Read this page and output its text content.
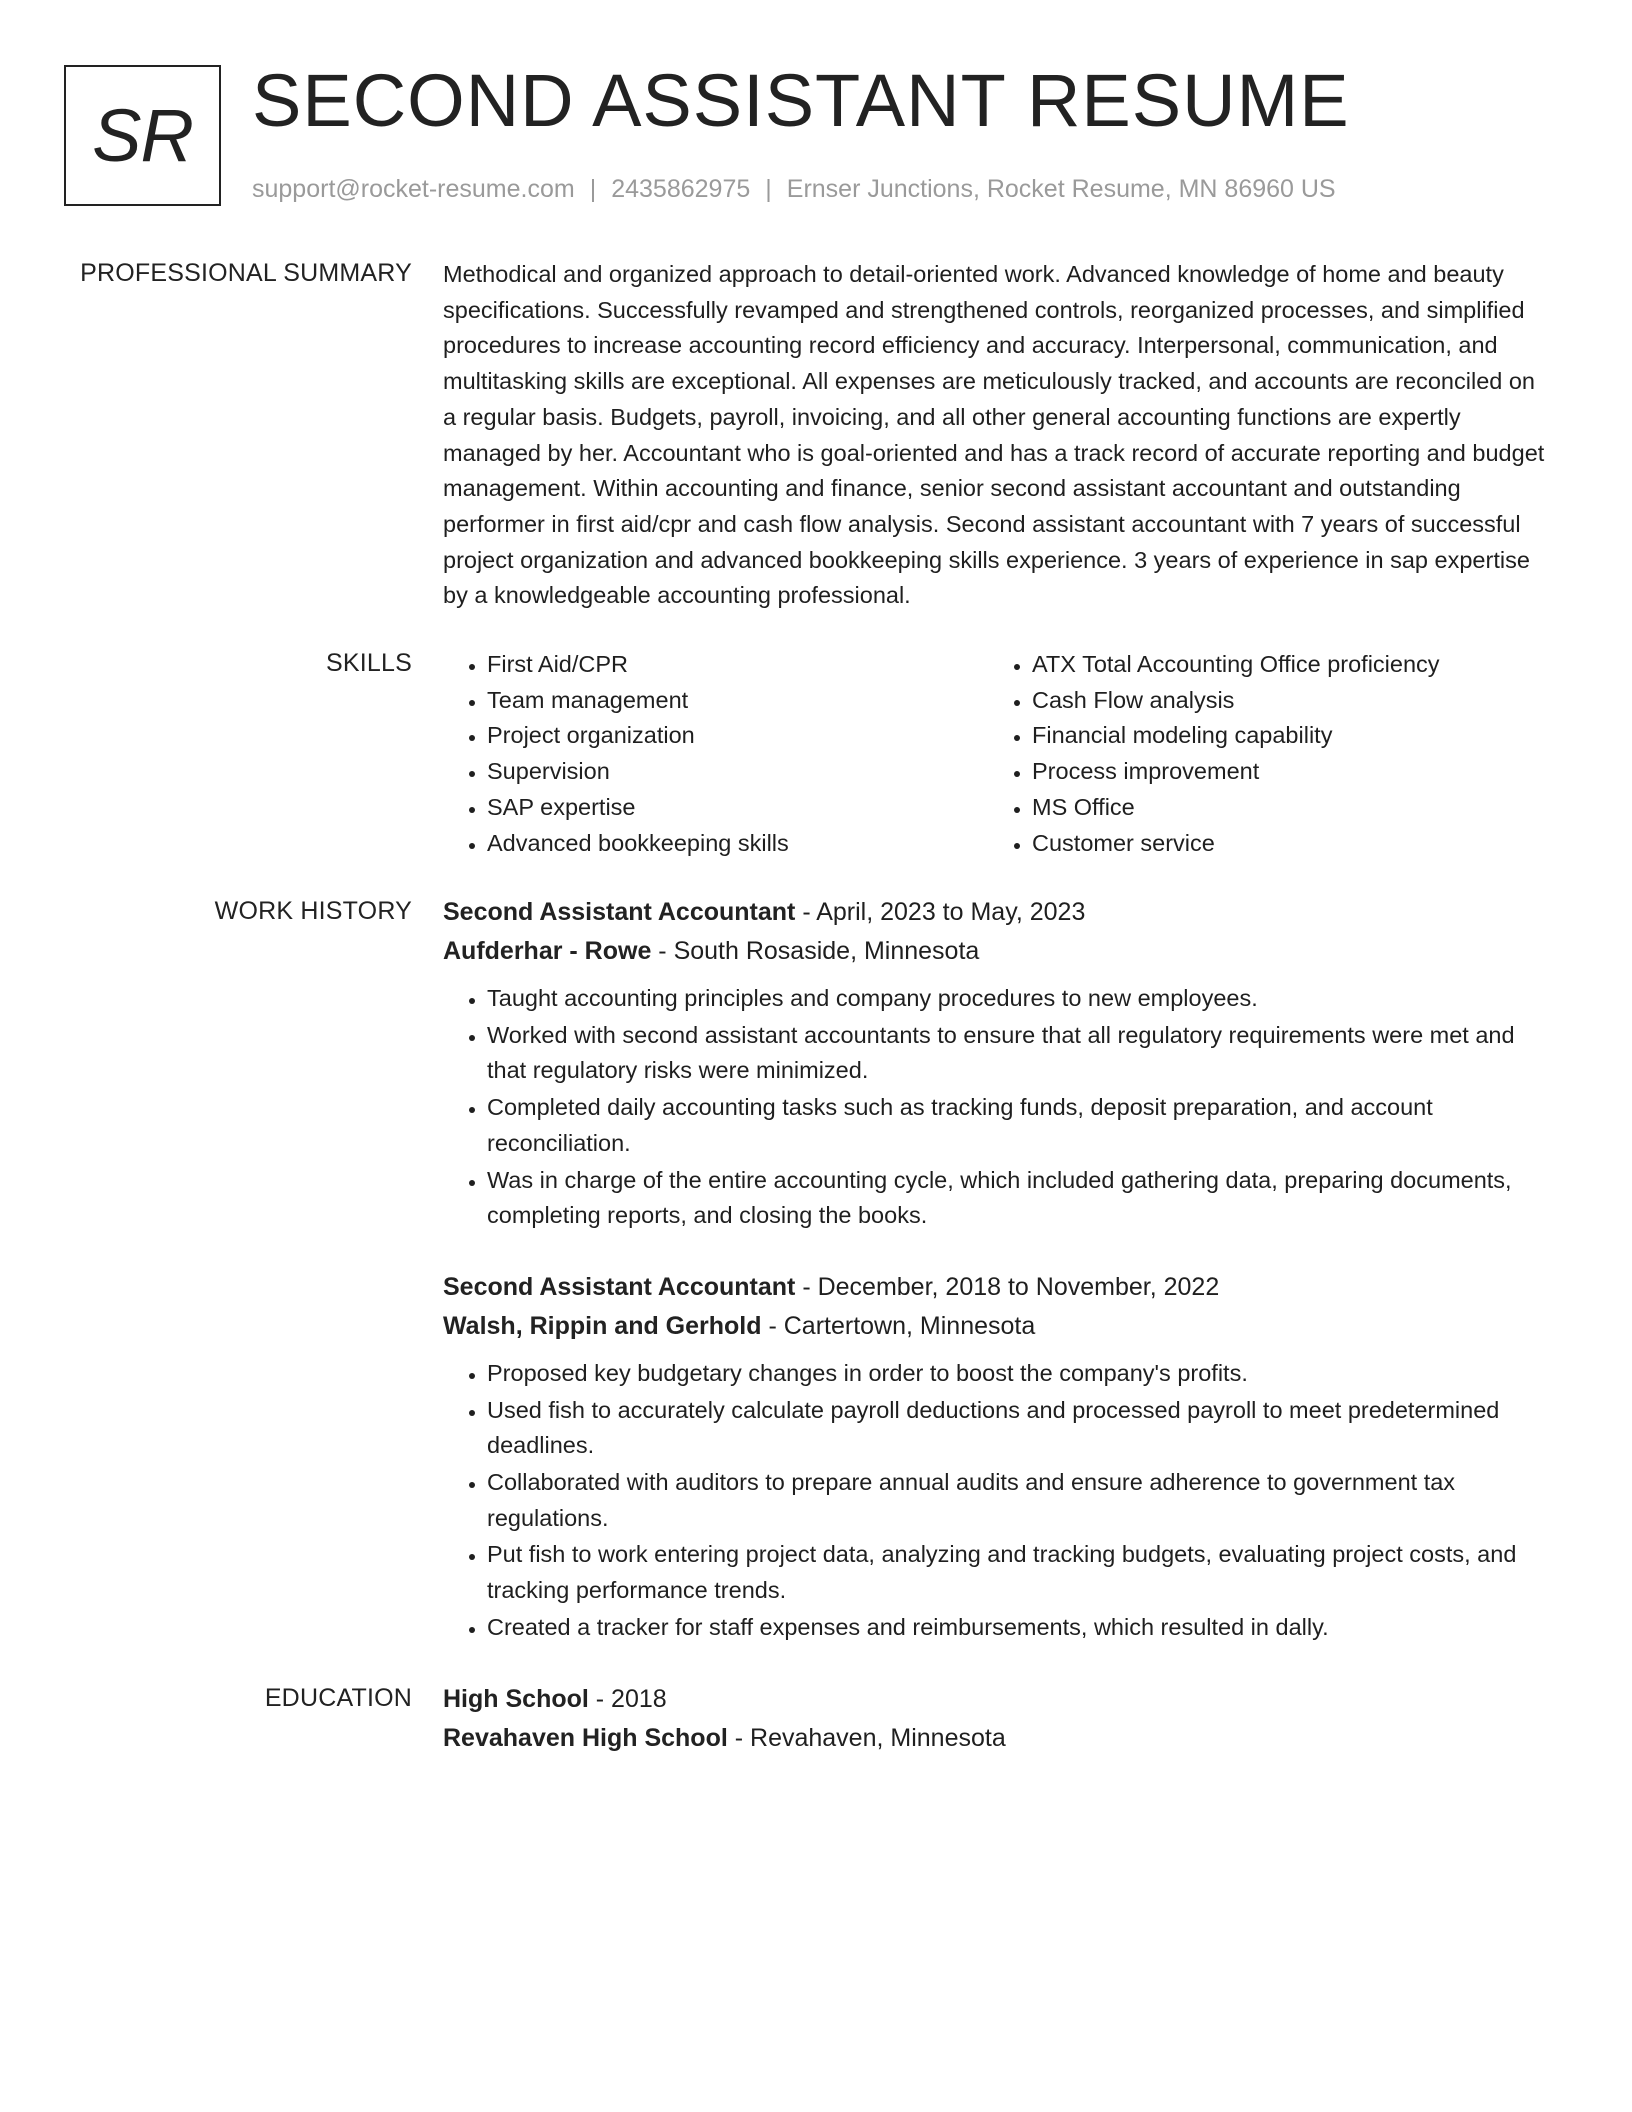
SR SECOND ASSISTANT RESUME
support@rocket-resume.com | 2435862975 | Ernser Junctions, Rocket Resume, MN 86960 US
PROFESSIONAL SUMMARY Methodical and organized approach to detail-oriented work. Advanced knowledge of home and beauty specifications. Successfully revamped and strengthened controls, reorganized processes, and simplified procedures to increase accounting record efficiency and accuracy. Interpersonal, communication, and multitasking skills are exceptional. All expenses are meticulously tracked, and accounts are reconciled on a regular basis. Budgets, payroll, invoicing, and all other general accounting functions are expertly managed by her. Accountant who is goal-oriented and has a track record of accurate reporting and budget management. Within accounting and finance, senior second assistant accountant and outstanding performer in first aid/cpr and cash flow analysis. Second assistant accountant with 7 years of successful project organization and advanced bookkeeping skills experience. 3 years of experience in sap expertise by a knowledgeable accounting professional.

SKILLS
•	First Aid/CPR
• Team management
• Project organization
• Supervision
• SAP expertise
• Advanced bookkeeping skills
• ATX Total Accounting Office proficiency
• Cash Flow analysis
• Financial modeling capability
• Process improvement
• MS Office
• Customer service
WORK HISTORY Second Assistant Accountant - April, 2023 to May, 2023
Aufderhar - Rowe - South Rosaside, Minnesota
• Taught accounting principles and company procedures to new employees.
• Worked with second assistant accountants to ensure that all regulatory requirements were met and that regulatory risks were minimized.
• Completed daily accounting tasks such as tracking funds, deposit preparation, and account reconciliation.
• Was in charge of the entire accounting cycle, which included gathering data, preparing documents, completing reports, and closing the books.
Second Assistant Accountant - December, 2018 to November, 2022
Walsh, Rippin and Gerhold - Cartertown, Minnesota
• Proposed key budgetary changes in order to boost the company's profits.
• Used fish to accurately calculate payroll deductions and processed payroll to meet predetermined deadlines.
• Collaborated with auditors to prepare annual audits and ensure adherence to government tax regulations.
• Put fish to work entering project data, analyzing and tracking budgets, evaluating project costs, and tracking performance trends.
• Created a tracker for staff expenses and reimbursements, which resulted in dally.
EDUCATION High School - 2018
Revahaven High School - Revahaven, Minnesota
